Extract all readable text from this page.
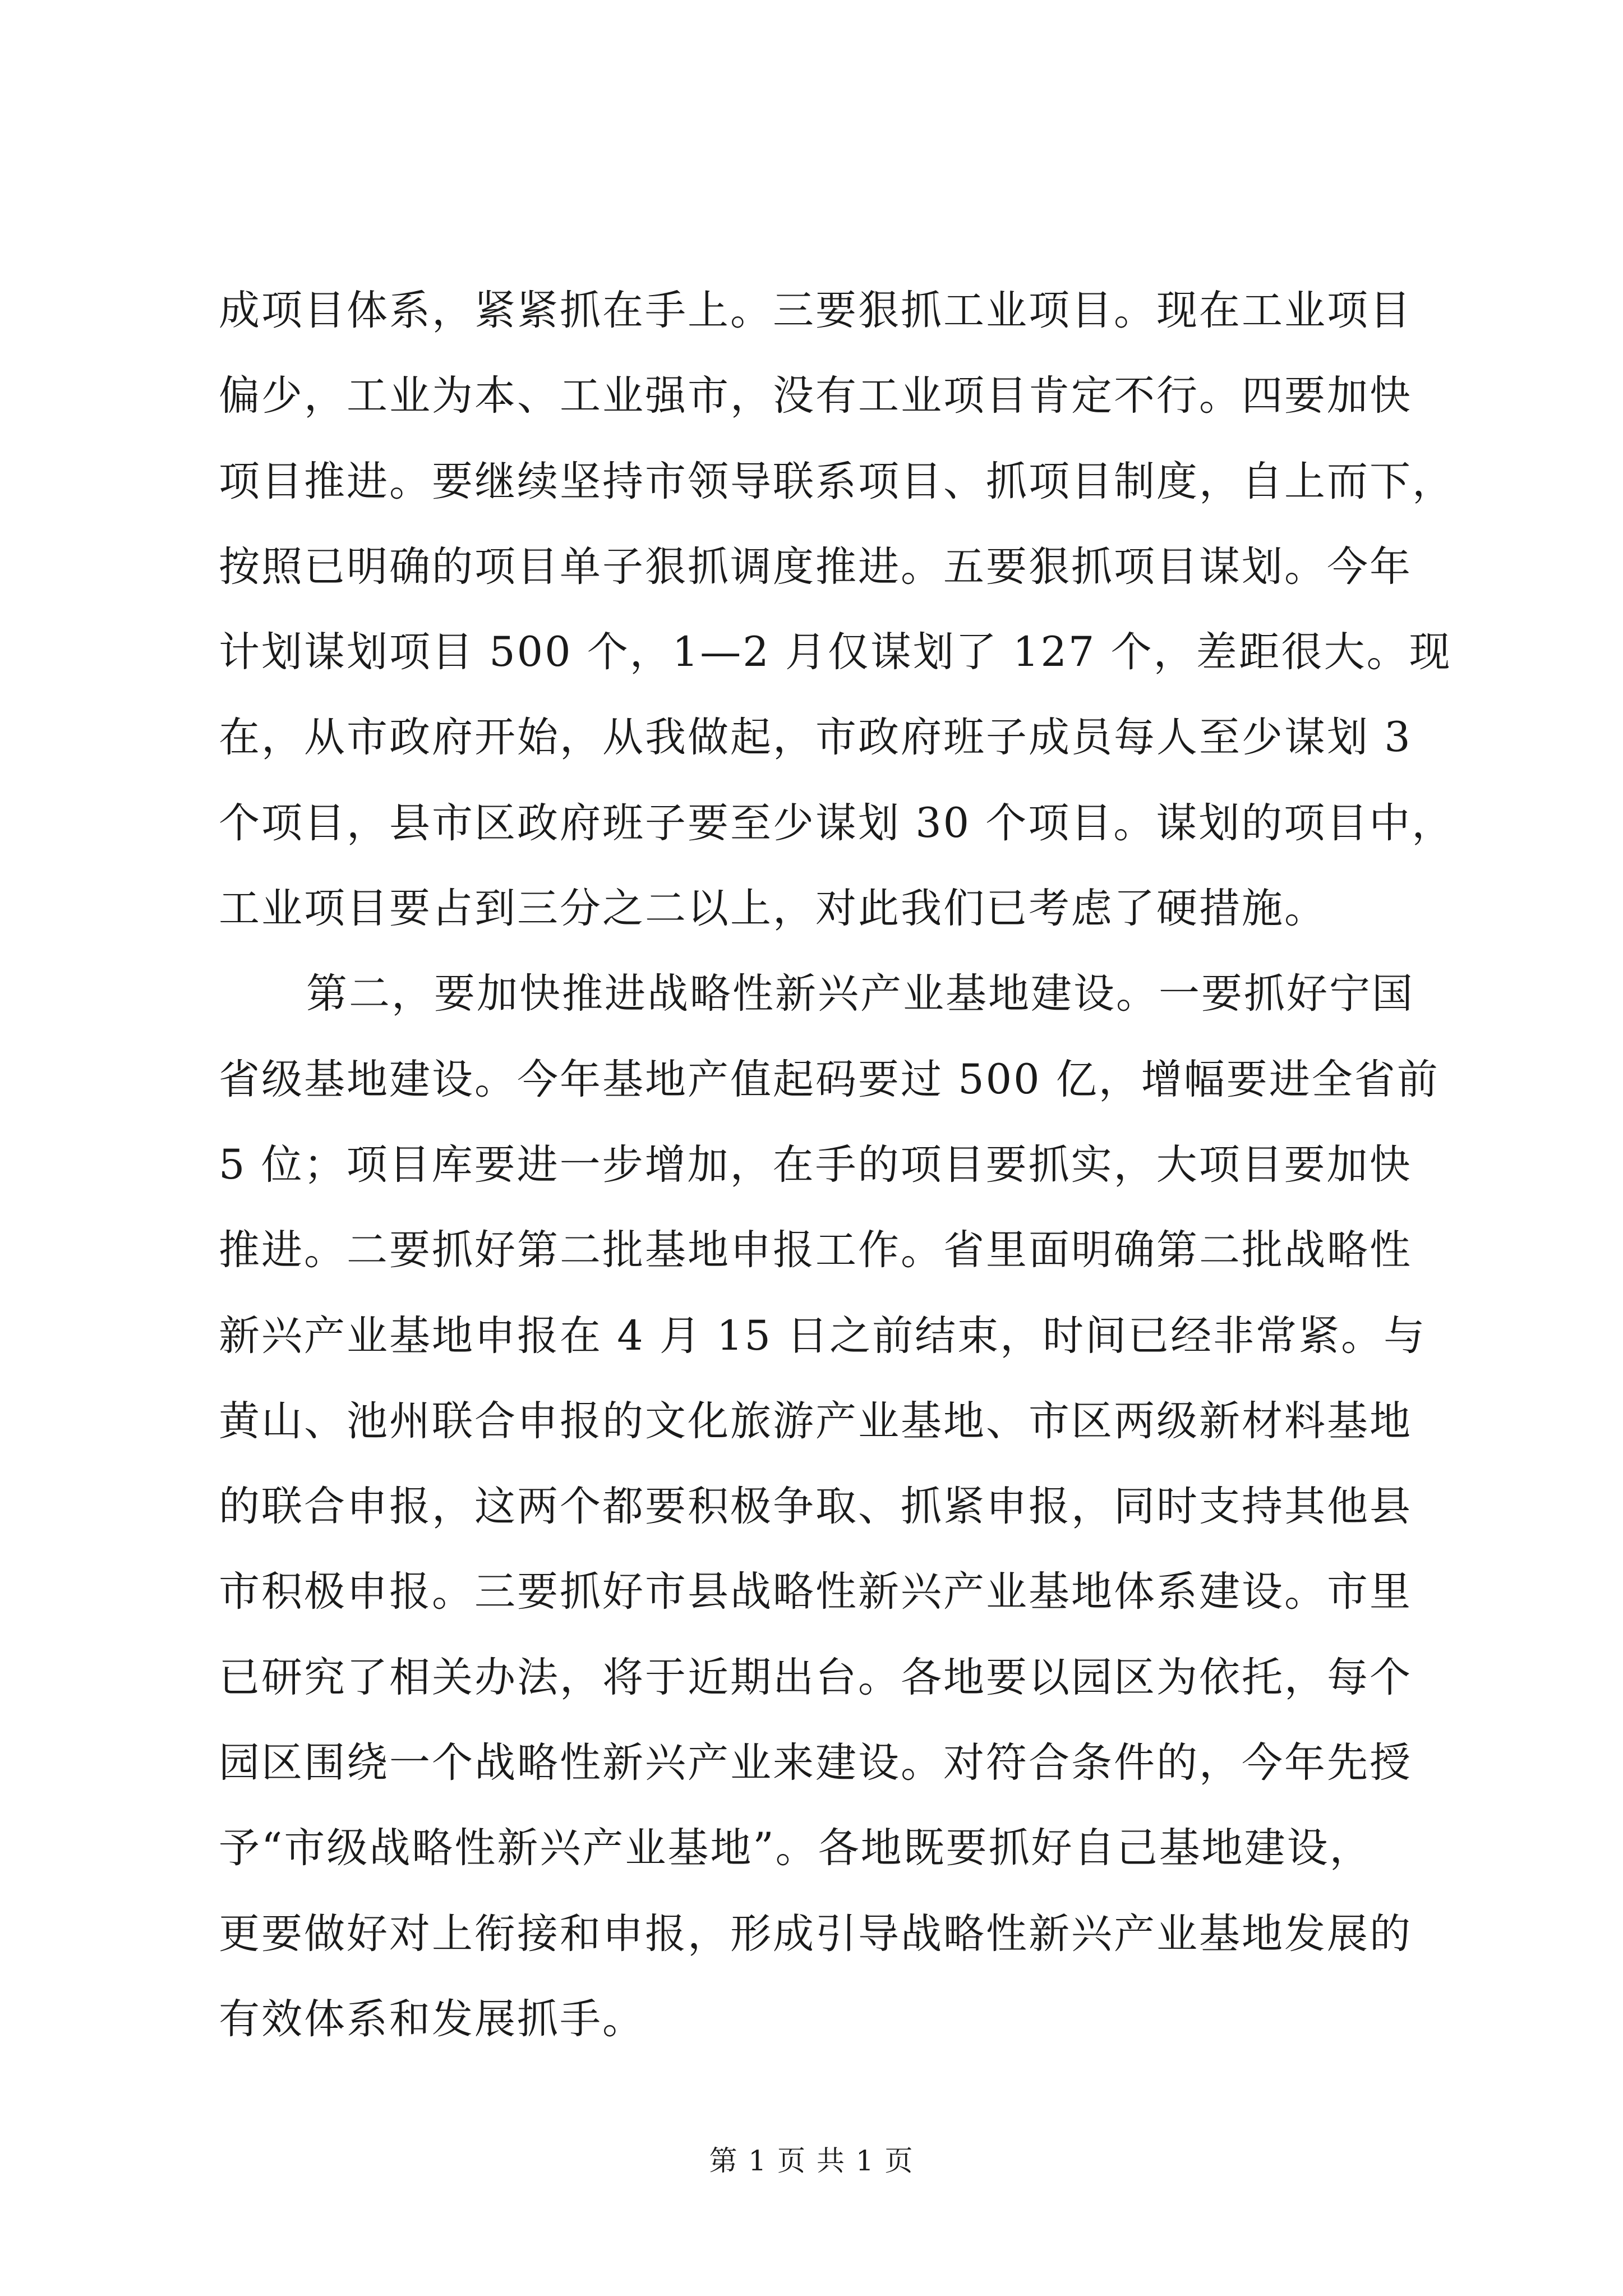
成项目体系，紧紧抓在手上。三要狠抓工业项目。现在工业项目
偏少，工业为本、工业强市，没有工业项目肯定不行。四要加快
项目推进。要继续坚持市领导联系项目、抓项目制度，自上而下，
按照已明确的项目单子狠抓调度推进。五要狠抓项目谋划。今年
计划谋划项目 500 个，1—2 月仅谋划了 127 个，差距很大。现
在，从市政府开始，从我做起，市政府班子成员每人至少谋划 3
个项目，县市区政府班子要至少谋划 30 个项目。谋划的项目中，
工业项目要占到三分之二以上，对此我们已考虑了硬措施。
第二，要加快推进战略性新兴产业基地建设。一要抓好宁国
省级基地建设。今年基地产值起码要过 500 亿，增幅要进全省前
5 位；项目库要进一步增加，在手的项目要抓实，大项目要加快
推进。二要抓好第二批基地申报工作。省里面明确第二批战略性
新兴产业基地申报在 4 月 15 日之前结束，时间已经非常紧。与
黄山、池州联合申报的文化旅游产业基地、市区两级新材料基地
的联合申报，这两个都要积极争取、抓紧申报，同时支持其他县
市积极申报。三要抓好市县战略性新兴产业基地体系建设。市里
已研究了相关办法，将于近期出台。各地要以园区为依托，每个
园区围绕一个战略性新兴产业来建设。对符合条件的，今年先授
予“市级战略性新兴产业基地”。各地既要抓好自己基地建设，
更要做好对上衔接和申报，形成引导战略性新兴产业基地发展的
有效体系和发展抓手。
第 1 页 共 1 页
